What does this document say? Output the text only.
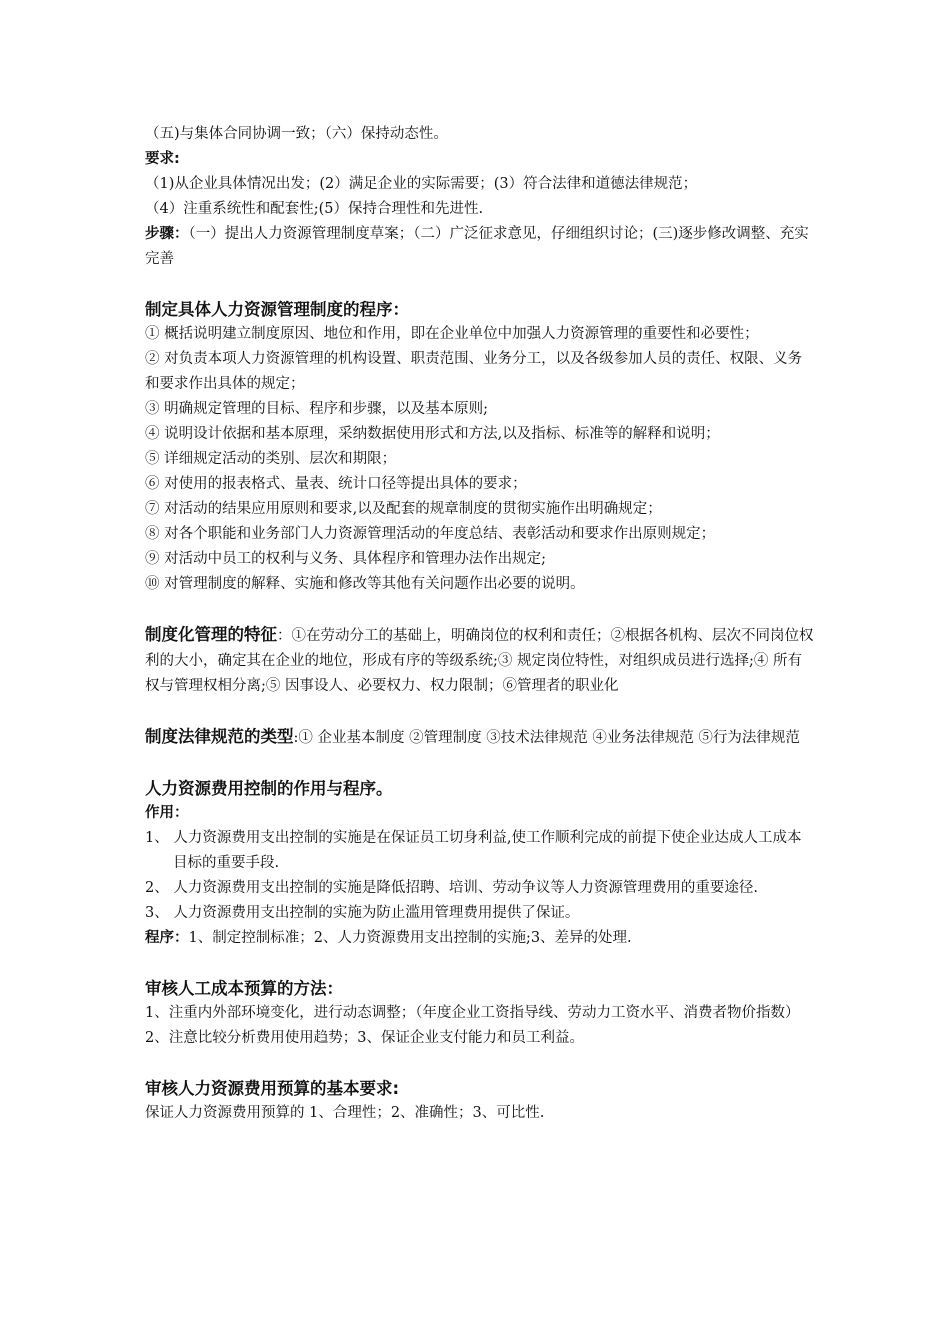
（五)与集体合同协调一致；（六）保持动态性。

要求:

（1)从企业具体情况出发；(2）满足企业的实际需要；(3）符合法律和道德法律规范；

（4）注重系统性和配套性;(5）保持合理性和先进性.

步骤：（一）提出人力资源管理制度草案；（二）广泛征求意见，仔细组织讨论；(三)逐步修改调整、充实完善

制定具体人力资源管理制度的程序：

① 概括说明建立制度原因、地位和作用，即在企业单位中加强人力资源管理的重要性和必要性；

② 对负责本项人力资源管理的机构设置、职责范围、业务分工，以及各级参加人员的责任、权限、义务和要求作出具体的规定；

③ 明确规定管理的目标、程序和步骤，以及基本原则;

④ 说明设计依据和基本原理，采纳数据使用形式和方法,以及指标、标准等的解释和说明；

⑤ 详细规定活动的类别、层次和期限；

⑥ 对使用的报表格式、量表、统计口径等提出具体的要求；

⑦ 对活动的结果应用原则和要求,以及配套的规章制度的贯彻实施作出明确规定；

⑧ 对各个职能和业务部门人力资源管理活动的年度总结、表彰活动和要求作出原则规定；

⑨ 对活动中员工的权利与义务、具体程序和管理办法作出规定;

⑩ 对管理制度的解释、实施和修改等其他有关问题作出必要的说明。

制度化管理的特征：①在劳动分工的基础上，明确岗位的权利和责任；②根据各机构、层次不同岗位权利的大小，确定其在企业的地位，形成有序的等级系统;③ 规定岗位特性，对组织成员进行选择;④ 所有权与管理权相分离;⑤ 因事设人、必要权力、权力限制；⑥管理者的职业化

制度法律规范的类型:① 企业基本制度 ②管理制度 ③技术法律规范 ④业务法律规范 ⑤行为法律规范

人力资源费用控制的作用与程序。

作用：

1、 人力资源费用支出控制的实施是在保证员工切身利益,使工作顺利完成的前提下使企业达成人工成本目标的重要手段.

2、 人力资源费用支出控制的实施是降低招聘、培训、劳动争议等人力资源管理费用的重要途径.

3、 人力资源费用支出控制的实施为防止滥用管理费用提供了保证。

程序：1、制定控制标准；2、人力资源费用支出控制的实施;3、差异的处理.

审核人工成本预算的方法：

1、注重内外部环境变化，进行动态调整；（年度企业工资指导线、劳动力工资水平、消费者物价指数）2、注意比较分析费用使用趋势；3、保证企业支付能力和员工利益。

审核人力资源费用预算的基本要求:

保证人力资源费用预算的 1、合理性；2、准确性；3、可比性.
